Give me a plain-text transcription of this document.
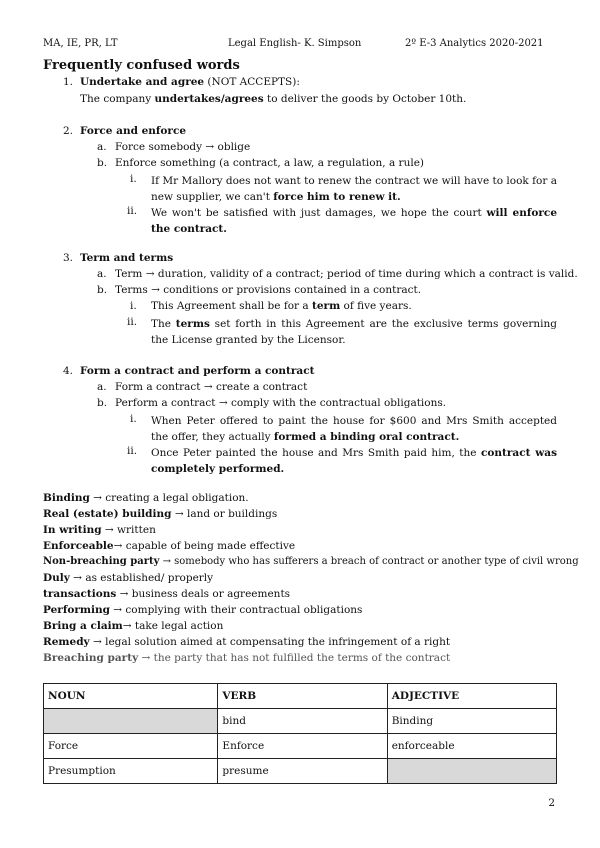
MA, IE, PR, LT	Legal English- K. Simpson	2º E-3 Analytics 2020-2021
Frequently confused words
1. Undertake and agree (NOT ACCEPTS):
The company undertakes/agrees to deliver the goods by October 10th.
2. Force and enforce
a. Force somebody → oblige
b. Enforce something (a contract, a law, a regulation, a rule)
i. If Mr Mallory does not want to renew the contract we will have to look for a new supplier, we can't force him to renew it.
ii. We won't be satisfied with just damages, we hope the court will enforce the contract.
3. Term and terms
a. Term → duration, validity of a contract; period of time during which a contract is valid.
b. Terms → conditions or provisions contained in a contract.
i. This Agreement shall be for a term of five years.
ii. The terms set forth in this Agreement are the exclusive terms governing the License granted by the Licensor.
4. Form a contract and perform a contract
a. Form a contract → create a contract
b. Perform a contract → comply with the contractual obligations.
i. When Peter offered to paint the house for $600 and Mrs Smith accepted the offer, they actually formed a binding oral contract.
ii. Once Peter painted the house and Mrs Smith paid him, the contract was completely performed.
Binding → creating a legal obligation.
Real (estate) building → land or buildings
In writing → written
Enforceable→ capable of being made effective
Non-breaching party → somebody who has sufferers a breach of contract or another type of civil wrong
Duly → as established/ properly
transactions → business deals or agreements
Performing → complying with their contractual obligations
Bring a claim→ take legal action
Remedy → legal solution aimed at compensating the infringement of a right
Breaching party → the party that has not fulfilled the terms of the contract
NOUN	VERB	ADJECTIVE
	bind	Binding
Force	Enforce	enforceable
Presumption	presume	
2
